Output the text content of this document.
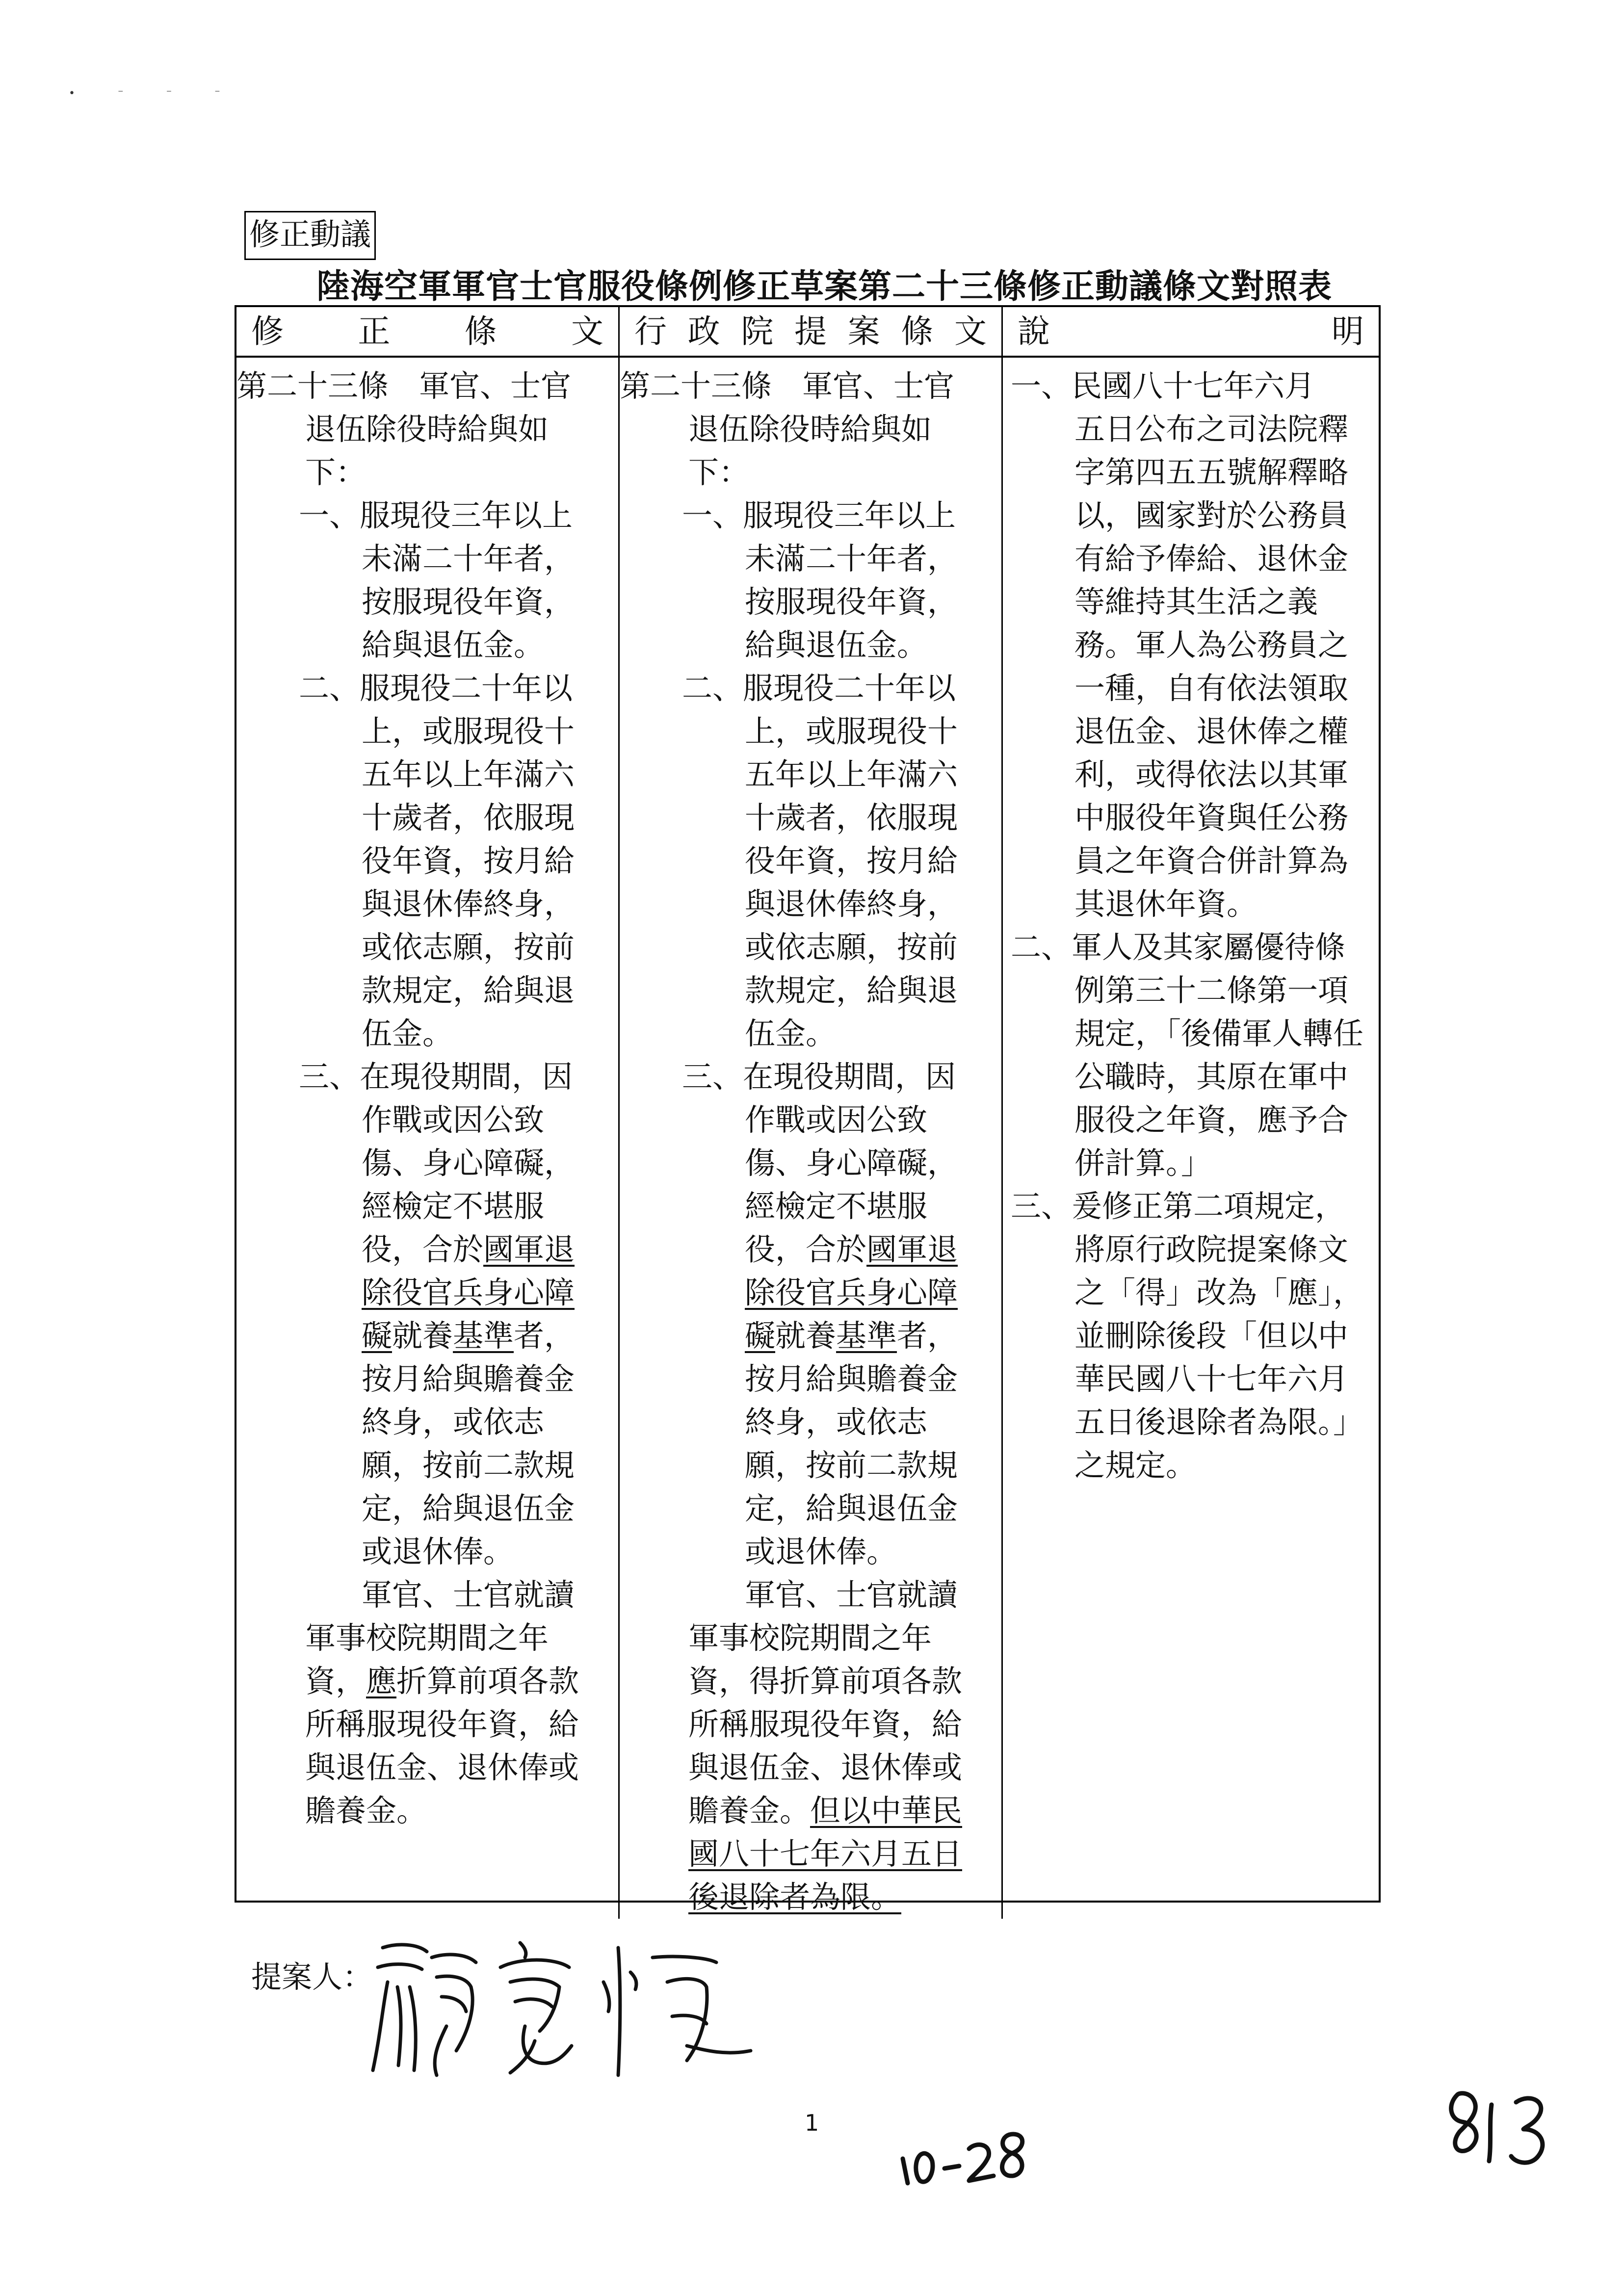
• ⁻ ⁻ ⁻
修正動議
陸海空軍軍官士官服役條例修正草案第二十三條修正動議條文對照表
修 正 條 文 行 政 院 提 案 條 文 說	明
第二十三條　軍官、士官
退伍除役時給與如
下：
一、服現役三年以上
未滿二十年者，
按服現役年資，
給與退伍金。
二、服現役二十年以
上，或服現役十
五年以上年滿六
十歲者，依服現
役年資，按月給
與退休俸終身，
或依志願，按前
款規定，給與退
伍金。
三、在現役期間，因
作戰或因公致
傷、身心障礙，
經檢定不堪服
役，合於國軍退
除役官兵身心障
礙就養基準者，
按月給與贍養金
終身，或依志
願，按前二款規
定，給與退伍金
或退休俸。
軍官、士官就讀
軍事校院期間之年
資，應折算前項各款
所稱服現役年資，給
與退伍金、退休俸或
贍養金。
第二十三條　軍官、士官
退伍除役時給與如
下：
一、服現役三年以上
未滿二十年者，
按服現役年資，
給與退伍金。
二、服現役二十年以
上，或服現役十
五年以上年滿六
十歲者，依服現
役年資，按月給
與退休俸終身，
或依志願，按前
款規定，給與退
伍金。
三、在現役期間，因
作戰或因公致
傷、身心障礙，
經檢定不堪服
役，合於國軍退
除役官兵身心障
礙就養基準者，
按月給與贍養金
終身，或依志
願，按前二款規
定，給與退伍金
或退休俸。
軍官、士官就讀
軍事校院期間之年
資，得折算前項各款
所稱服現役年資，給
與退伍金、退休俸或
贍養金。但以中華民
國八十七年六月五日
後退除者為限。
一、民國八十七年六月
五日公布之司法院釋
字第四五五號解釋略
以，國家對於公務員
有給予俸給、退休金
等維持其生活之義
務。軍人為公務員之
一種，自有依法領取
退伍金、退休俸之權
利，或得依法以其軍
中服役年資與任公務
員之年資合併計算為
其退休年資。
二、軍人及其家屬優待條
例第三十二條第一項
規定，「後備軍人轉任
公職時，其原在軍中
服役之年資，應予合
併計算。」
三、爰修正第二項規定，
將原行政院提案條文
之「得」改為「應」，
並刪除後段「但以中
華民國八十七年六月
五日後退除者為限。」
之規定。
提案人：
1
